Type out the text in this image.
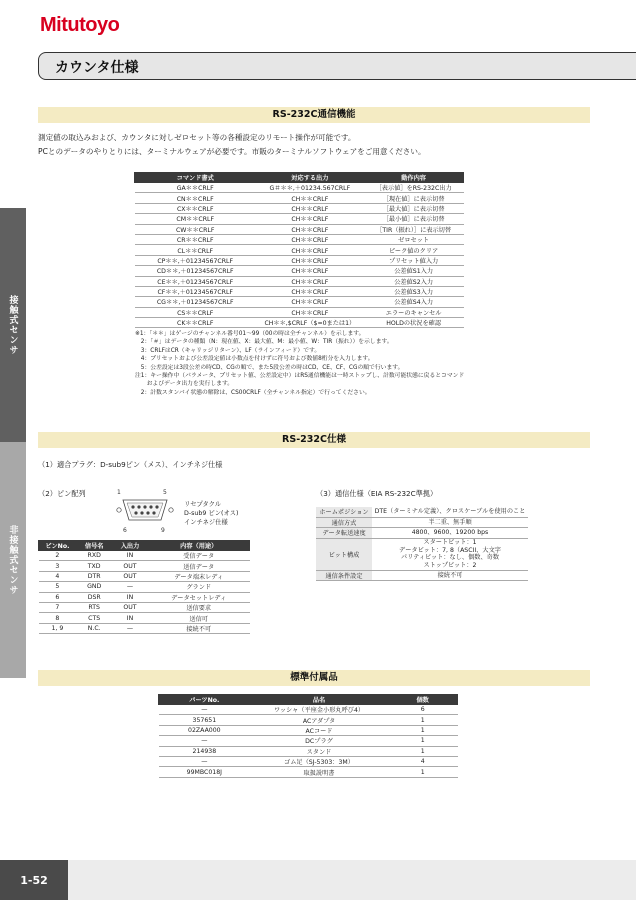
Mitutoyo
カウンタ仕様
接触式センサ
非接触式センサ
RS-232C通信機能
測定値の取込みおよび、カウンタに対しゼロセット等の各種設定のリモート操作が可能です。
PCとのデータのやりとりには、ターミナルウェアが必要です。市販のターミナルソフトウェアをご用意ください。
コマンド書式	対応する出力	動作内容
GA＊＊CRLF	G＃＊＊,＋01234.567CRLF	［表示値］をRS-232C出力
CN＊＊CRLF	CH＊＊CRLF	［現在値］に表示切替
CX＊＊CRLF	CH＊＊CRLF	［最大値］に表示切替
CM＊＊CRLF	CH＊＊CRLF	［最小値］に表示切替
CW＊＊CRLF	CH＊＊CRLF	［TIR（振れ）］に表示切替
CR＊＊CRLF	CH＊＊CRLF	ゼロセット
CL＊＊CRLF	CH＊＊CRLF	ピーク値のクリア
CP＊＊,＋01234567CRLF	CH＊＊CRLF	プリセット値入力
CD＊＊,＋01234567CRLF	CH＊＊CRLF	公差値S1入力
CE＊＊,＋01234567CRLF	CH＊＊CRLF	公差値S2入力
CF＊＊,＋01234567CRLF	CH＊＊CRLF	公差値S3入力
CG＊＊,＋01234567CRLF	CH＊＊CRLF	公差値S4入力
CS＊＊CRLF	CH＊＊CRLF	エラーのキャンセル
CK＊＊CRLF	CH＊＊,$CRLF（$=0または1）	HOLDの状況を確認
※1：「＊＊」はゲージのチャンネル番号01～99（00の時は全チャンネル）を示します。
　2：「＃」はデータの種類（N：現在値、X：最大値、M：最小値、W：TIR（振れ））を示します。
　3：CRLFはCR（キャリッジリターン）、LF（ラインフィード）です。
　4：プリセットおよび公差設定値は小数点を付けずに符号および数値8桁分を入力します。
　5：公差設定は3段公差の時CD、CGの順で、また5段公差の時はCD、CE、CF、CGの順で行います。
注1：キー操作中（パラメータ、プリセット値、公差設定中）はRS通信機能は一時ストップし、計数可能状態に戻るとコマンド
　　およびデータ出力を実行します。
　2：計数スタンバイ状態の解除は、CS00CRLF（全チャンネル指定）で行ってください。
RS-232C仕様
（1）適合プラグ：D-sub9ピン（メス）、インチネジ仕様
（2）ピン配列	1	5
6	9
リセプタクル
D-sub9 ピン(オス)
インチネジ仕様
ピンNo.	信号名	入出力	内容（用途）
2	RXD	IN	受信データ
3	TXD	OUT	送信データ
4	DTR	OUT	データ端末レディ
5	GND	—	グランド
6	DSR	IN	データセットレディ
7	RTS	OUT	送信要求
8	CTS	IN	送信可
1, 9	N.C.	—	接続不可
（3）通信仕様（EIA RS-232C準拠）
ホームポジション	DTE（ターミナル定義）、クロスケーブルを使用のこと
通信方式	半二重、無手順
データ転送速度	4800、9600、19200 bps
ビット構成	スタートビット：1
データビット：7, 8（ASCII、大文字
パリティビット：なし、偶数、奇数
ストップビット：2

通信条件設定	接続不可
標準付属品
パーツNo.	品名	個数
—	ワッシャ（平座金小形丸呼び4）	6
357651	ACアダプタ	1
02ZAA000	ACコード	1
—	DCプラグ	1
214938	スタンド	1
—	ゴム足（SJ-5303：3M）	4
99MBC018J	取扱説明書	1
1-52
